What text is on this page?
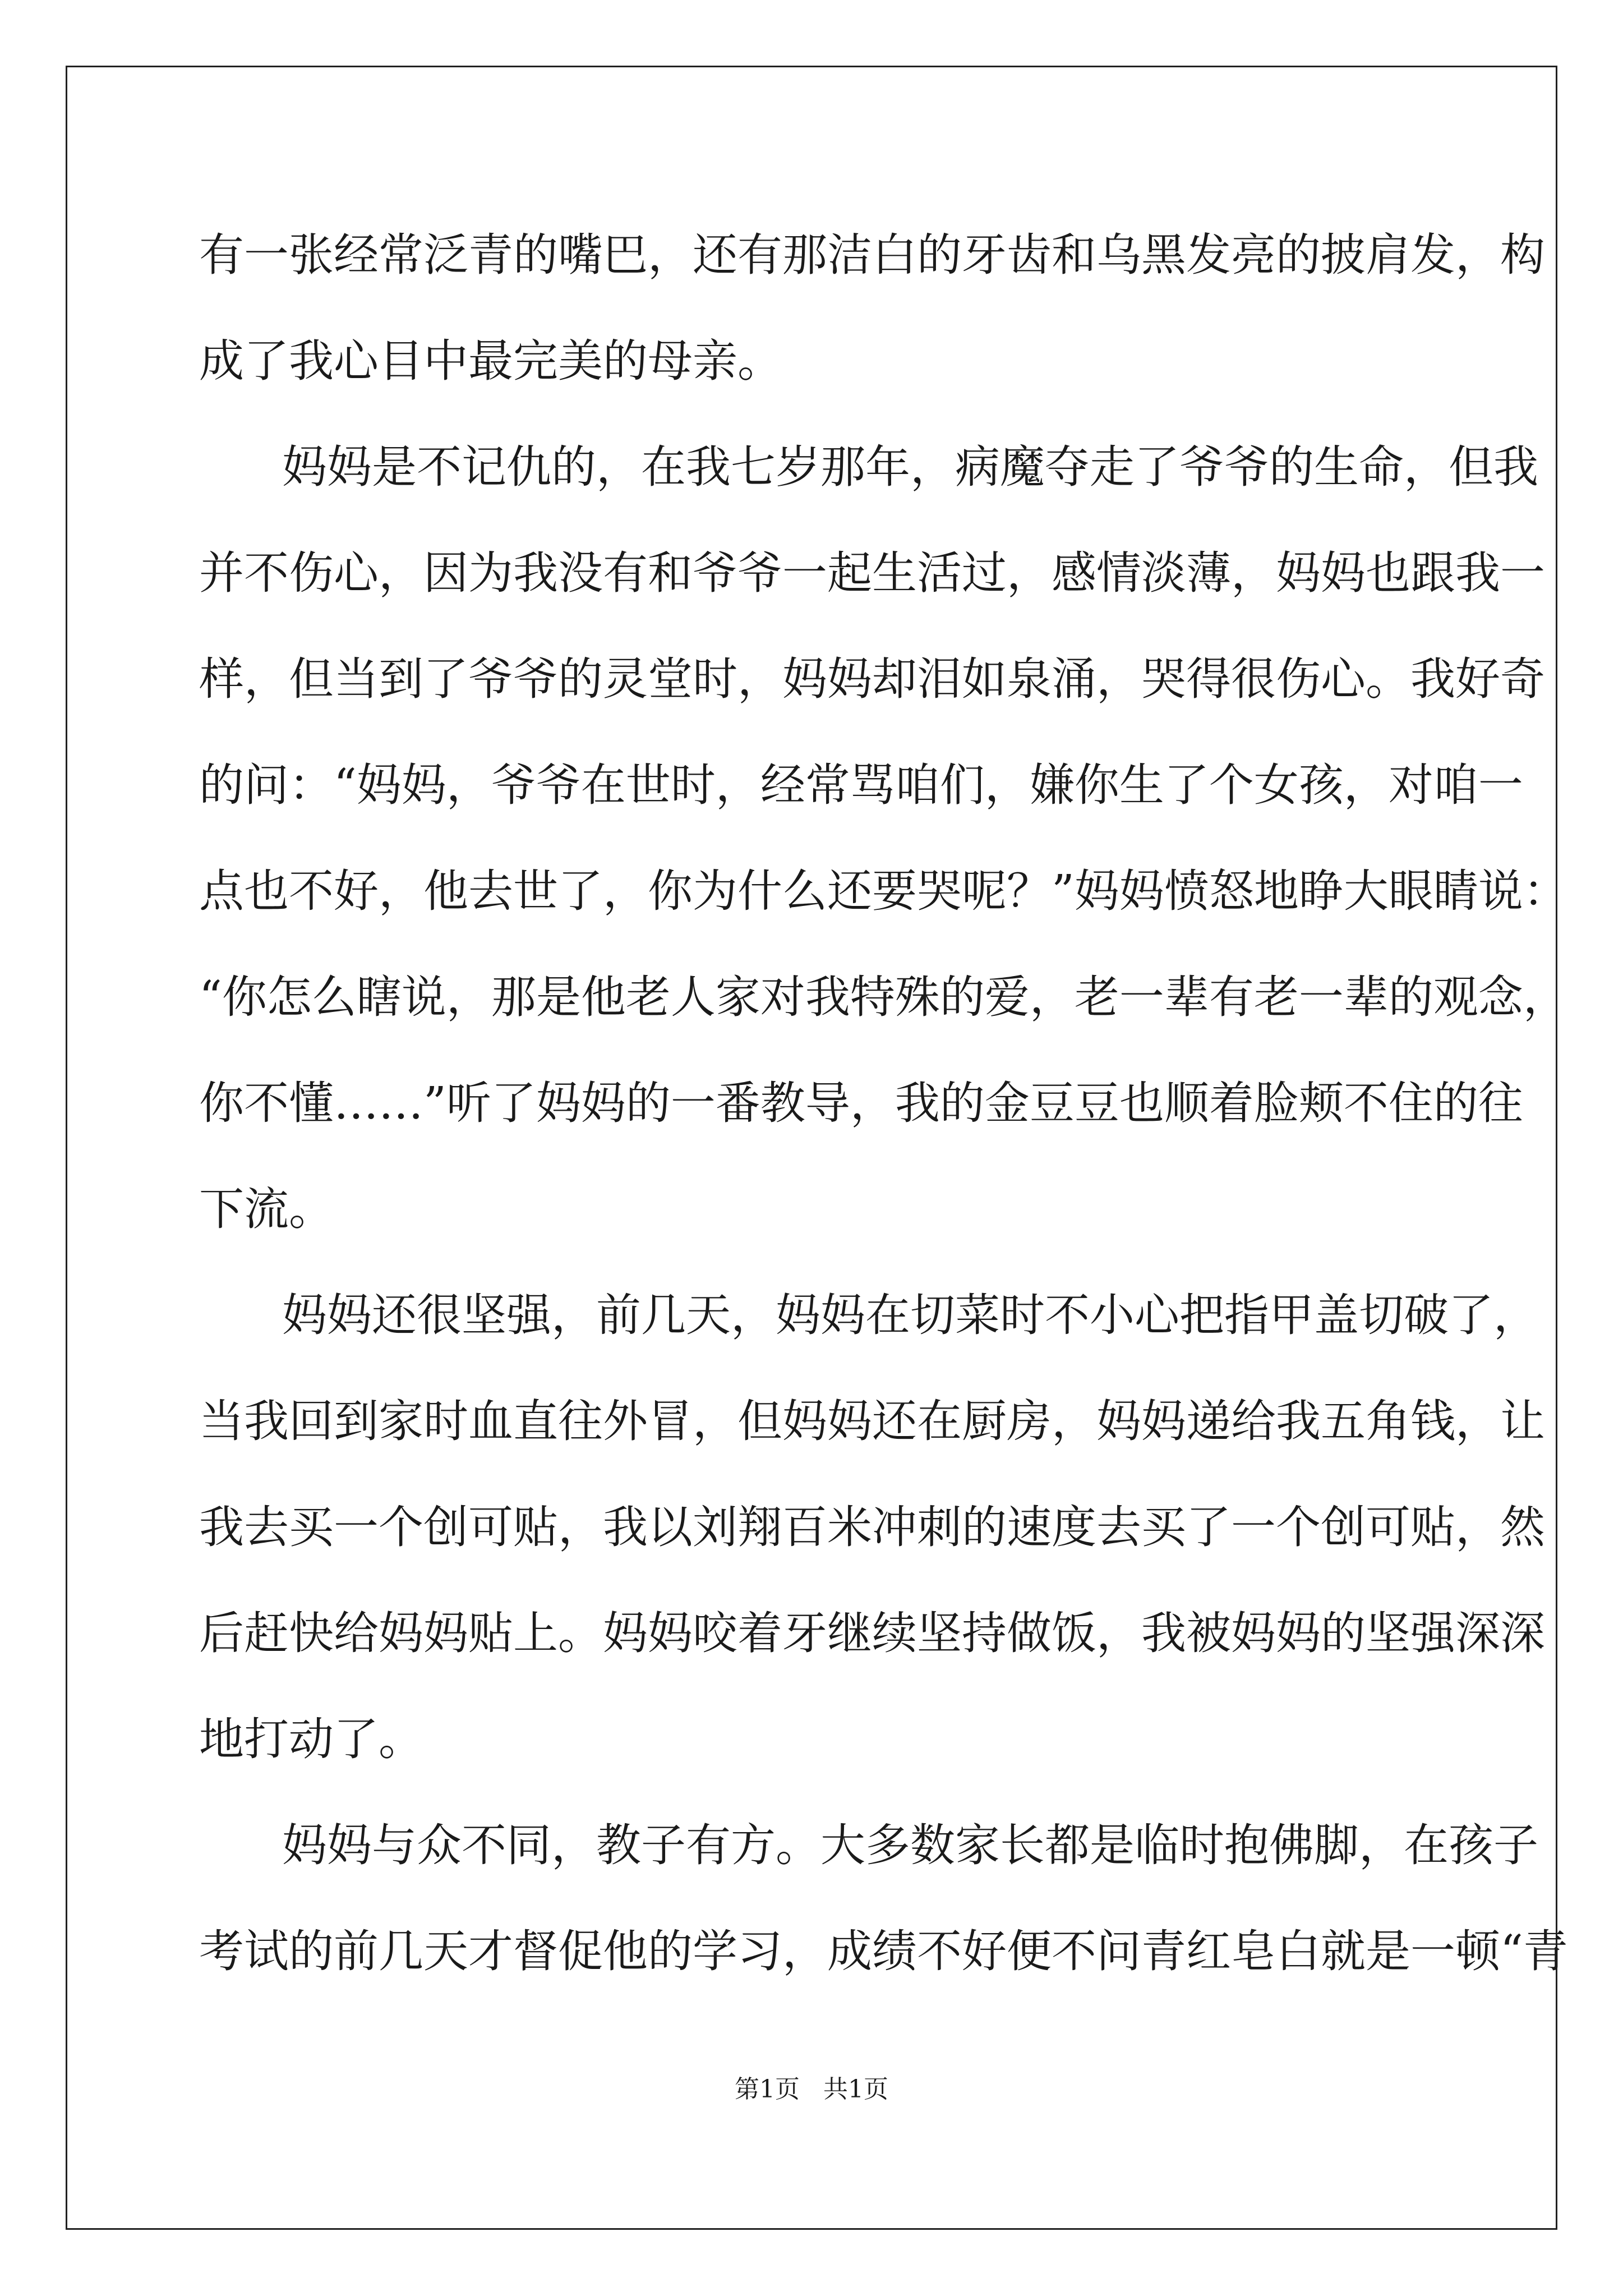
有一张经常泛青的嘴巴，还有那洁白的牙齿和乌黑发亮的披肩发，构
成了我心目中最完美的母亲。
妈妈是不记仇的，在我七岁那年，病魔夺走了爷爷的生命，但我
并不伤心，因为我没有和爷爷一起生活过，感情淡薄，妈妈也跟我一
样，但当到了爷爷的灵堂时，妈妈却泪如泉涌，哭得很伤心。我好奇
的问：“妈妈，爷爷在世时，经常骂咱们，嫌你生了个女孩，对咱一
点也不好，他去世了，你为什么还要哭呢？”妈妈愤怒地睁大眼睛说：
“你怎么瞎说，那是他老人家对我特殊的爱，老一辈有老一辈的观念，
你不懂……”听了妈妈的一番教导，我的金豆豆也顺着脸颊不住的往
下流。
妈妈还很坚强，前几天，妈妈在切菜时不小心把指甲盖切破了，
当我回到家时血直往外冒，但妈妈还在厨房，妈妈递给我五角钱，让
我去买一个创可贴，我以刘翔百米冲刺的速度去买了一个创可贴，然
后赶快给妈妈贴上。妈妈咬着牙继续坚持做饭，我被妈妈的坚强深深
地打动了。
妈妈与众不同，教子有方。大多数家长都是临时抱佛脚，在孩子
考试的前几天才督促他的学习，成绩不好便不问青红皂白就是一顿“青
第1页 共1页
